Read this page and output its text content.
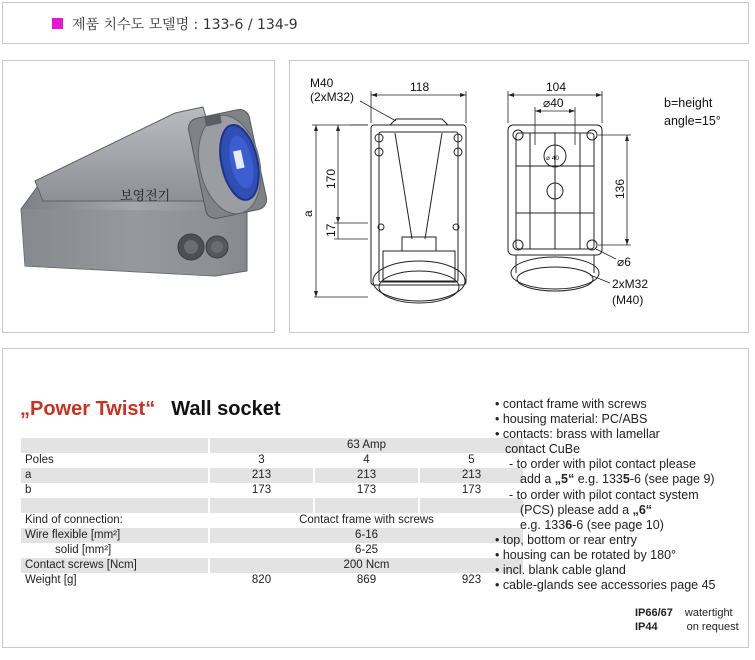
제품 치수도 모델명 : 133-6 / 134-9
보영전기
M40
(2xM32)
118
170
17
a
⌀ 40
104
⌀40
136
⌀6
2xM32
(M40)
b=height
angle=15°
„Power Twist“ Wall socket
	63 Amp		
Poles	3	4	5
a	213	213	213
b	173	173	173

Kind of connection:	Contact frame with screws		
Wire flexible [mm²]	6-16		
solid [mm²]	6-25		
Contact screws [Ncm]	200 Ncm		
Weight [g]	820	869	923
• contact frame with screws
• housing material: PC/ABS
• contacts: brass with lamellar
contact CuBe
- to order with pilot contact please
add a „5“ e.g. 1335-6 (see page 9)
- to order with pilot contact system
(PCS) please add a „6“
e.g. 1336-6 (see page 10)
• top, bottom or rear entry
• housing can be rotated by 180°
• incl. blank cable gland
• cable-glands see accessories page 45
IP66/67 watertight
IP44	on request
